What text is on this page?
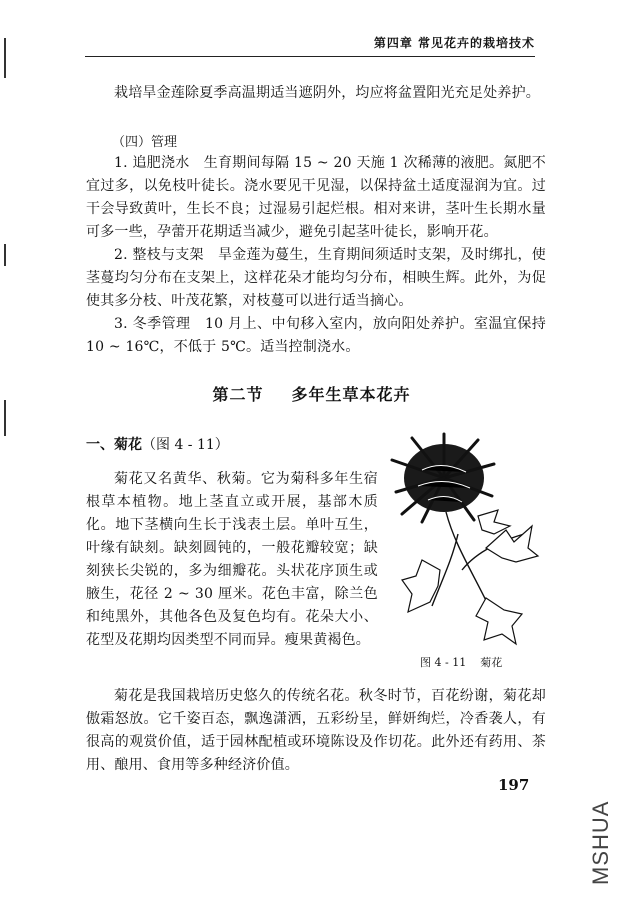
第四章 常见花卉的栽培技术

栽培旱金莲除夏季高温期适当遮阴外，均应将盆置阳光充足处养护。

（四）管理

1. 追肥浇水　生育期间每隔 15 ~ 20 天施 1 次稀薄的液肥。氮肥不宜过多，以免枝叶徒长。浇水要见干见湿，以保持盆土适度湿润为宜。过干会导致黄叶，生长不良；过湿易引起烂根。相对来讲，茎叶生长期水量可多一些，孕蕾开花期适当减少，避免引起茎叶徒长，影响开花。

2. 整枝与支架　旱金莲为蔓生，生育期间须适时支架，及时绑扎，使茎蔓均匀分布在支架上，这样花朵才能均匀分布，相映生辉。此外，为促使其多分枝、叶茂花繁，对枝蔓可以进行适当摘心。

3. 冬季管理　10 月上、中旬移入室内，放向阳处养护。室温宜保持 10 ~ 16℃，不低于 5℃。适当控制浇水。

第二节 多年生草本花卉
一、菊花（图 4 - 11）

菊花又名黄华、秋菊。它为菊科多年生宿根草本植物。地上茎直立或开展，基部木质化。地下茎横向生长于浅表土层。单叶互生，叶缘有缺刻。缺刻圆钝的，一般花瓣较宽；缺刻狭长尖锐的，多为细瓣花。头状花序顶生或腋生，花径 2 ~ 30 厘米。花色丰富，除兰色和纯黑外，其他各色及复色均有。花朵大小、花型及花期均因类型不同而异。瘦果黄褐色。

图 4 - 11 菊花

菊花是我国栽培历史悠久的传统名花。秋冬时节，百花纷谢，菊花却傲霜怒放。它千姿百态，飘逸潇洒，五彩纷呈，鲜妍绚烂，冷香袭人，有很高的观赏价值，适于园林配植或环境陈设及作切花。此外还有药用、茶用、酿用、食用等多种经济价值。

197
MSHUA
